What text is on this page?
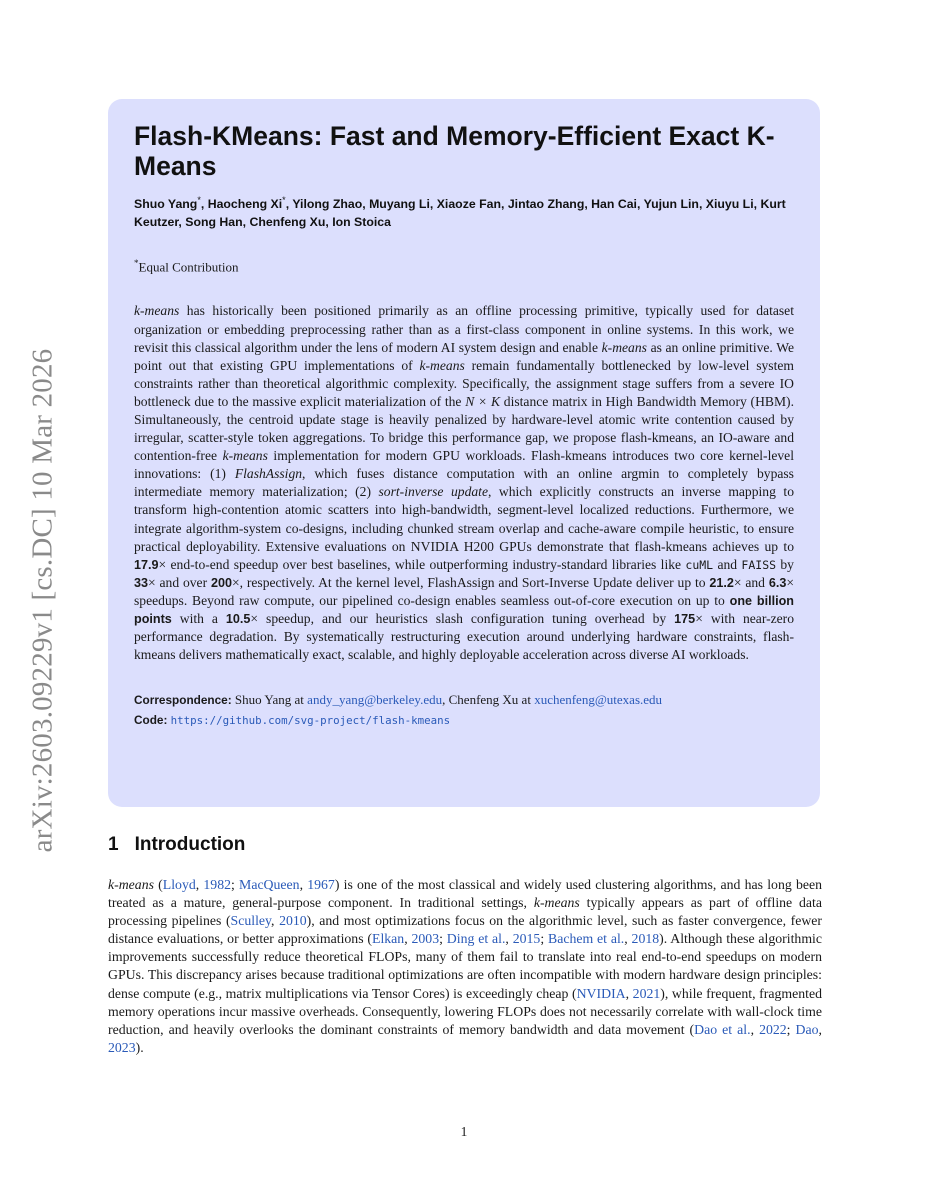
arXiv:2603.09229v1 [cs.DC] 10 Mar 2026
Flash-KMeans: Fast and Memory-Efficient Exact K-Means
Shuo Yang*, Haocheng Xi*, Yilong Zhao, Muyang Li, Xiaoze Fan, Jintao Zhang, Han Cai, Yujun Lin, Xiuyu Li, Kurt Keutzer, Song Han, Chenfeng Xu, Ion Stoica
*Equal Contribution
k-means has historically been positioned primarily as an offline processing primitive, typically used for dataset organization or embedding preprocessing rather than as a first-class component in online systems. In this work, we revisit this classical algorithm under the lens of modern AI system design and enable k-means as an online primitive. We point out that existing GPU implementations of k-means remain fundamentally bottlenecked by low-level system constraints rather than theoretical algorithmic complexity. Specifically, the assignment stage suffers from a severe IO bottleneck due to the massive explicit materialization of the N × K distance matrix in High Bandwidth Memory (HBM). Simultaneously, the centroid update stage is heavily penalized by hardware-level atomic write contention caused by irregular, scatter-style token aggregations. To bridge this performance gap, we propose flash-kmeans, an IO-aware and contention-free k-means implementation for modern GPU workloads. Flash-kmeans introduces two core kernel-level innovations: (1) FlashAssign, which fuses distance computation with an online argmin to completely bypass intermediate memory materialization; (2) sort-inverse update, which explicitly constructs an inverse mapping to transform high-contention atomic scatters into high-bandwidth, segment-level localized reductions. Furthermore, we integrate algorithm-system co-designs, including chunked stream overlap and cache-aware compile heuristic, to ensure practical deployability. Extensive evaluations on NVIDIA H200 GPUs demonstrate that flash-kmeans achieves up to 17.9× end-to-end speedup over best baselines, while outperforming industry-standard libraries like cuML and FAISS by 33× and over 200×, respectively. At the kernel level, FlashAssign and Sort-Inverse Update deliver up to 21.2× and 6.3× speedups. Beyond raw compute, our pipelined co-design enables seamless out-of-core execution on up to one billion points with a 10.5× speedup, and our heuristics slash configuration tuning overhead by 175× with near-zero performance degradation. By systematically restructuring execution around underlying hardware constraints, flash-kmeans delivers mathematically exact, scalable, and highly deployable acceleration across diverse AI workloads.
Correspondence: Shuo Yang at andy_yang@berkeley.edu, Chenfeng Xu at xuchenfeng@utexas.edu
Code: https://github.com/svg-project/flash-kmeans
1 Introduction
k-means (Lloyd, 1982; MacQueen, 1967) is one of the most classical and widely used clustering algorithms, and has long been treated as a mature, general-purpose component. In traditional settings, k-means typically appears as part of offline data processing pipelines (Sculley, 2010), and most optimizations focus on the algorithmic level, such as faster convergence, fewer distance evaluations, or better approximations (Elkan, 2003; Ding et al., 2015; Bachem et al., 2018). Although these algorithmic improvements successfully reduce theoretical FLOPs, many of them fail to translate into real end-to-end speedups on modern GPUs. This discrepancy arises because traditional optimizations are often incompatible with modern hardware design principles: dense compute (e.g., matrix multiplications via Tensor Cores) is exceedingly cheap (NVIDIA, 2021), while frequent, fragmented memory operations incur massive overheads. Consequently, lowering FLOPs does not necessarily correlate with wall-clock time reduction, and heavily overlooks the dominant constraints of memory bandwidth and data movement (Dao et al., 2022; Dao, 2023).
1
